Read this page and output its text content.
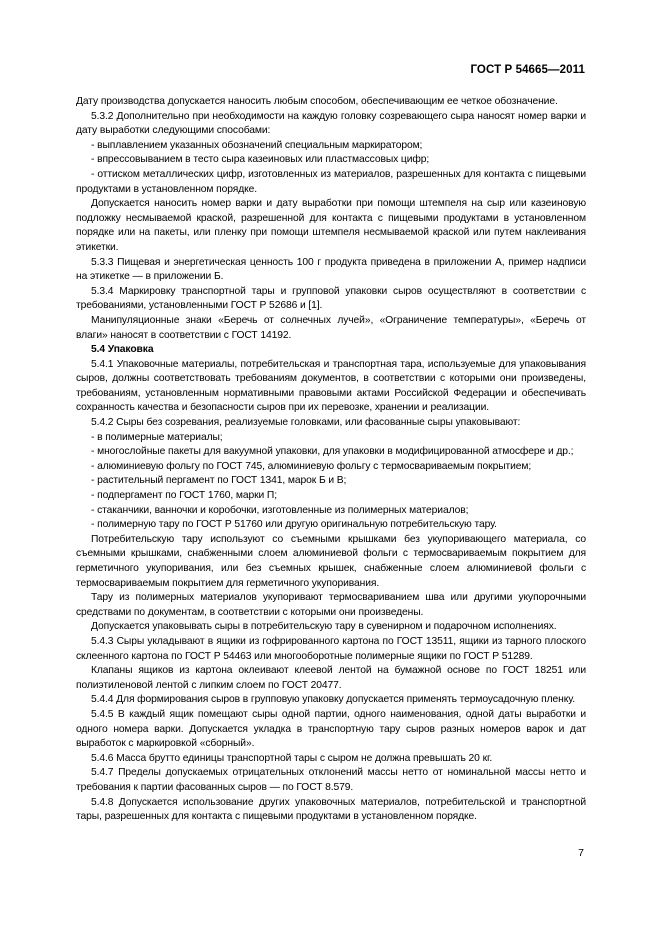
ГОСТ Р 54665—2011

Дату производства допускается наносить любым способом, обеспечивающим ее четкое обозначение.

5.3.2 Дополнительно при необходимости на каждую головку созревающего сыра наносят номер варки и дату выработки следующими способами:

- выплавлением указанных обозначений специальным маркиратором;

- впрессовыванием в тесто сыра казеиновых или пластмассовых цифр;

- оттиском металлических цифр, изготовленных из материалов, разрешенных для контакта с пищевыми продуктами в установленном порядке.

Допускается наносить номер варки и дату выработки при помощи штемпеля на сыр или казеиновую подложку несмываемой краской, разрешенной для контакта с пищевыми продуктами в установленном порядке или на пакеты, или пленку при помощи штемпеля несмываемой краской или путем наклеивания этикетки.

5.3.3 Пищевая и энергетическая ценность 100 г продукта приведена в приложении А, пример надписи на этикетке — в приложении Б.

5.3.4 Маркировку транспортной тары и групповой упаковки сыров осуществляют в соответствии с требованиями, установленными ГОСТ Р 52686 и [1].

Манипуляционные знаки «Беречь от солнечных лучей», «Ограничение температуры», «Беречь от влаги» наносят в соответствии с ГОСТ 14192.

5.4 Упаковка

5.4.1 Упаковочные материалы, потребительская и транспортная тара, используемые для упаковывания сыров, должны соответствовать требованиям документов, в соответствии с которыми они произведены, требованиям, установленным нормативными правовыми актами Российской Федерации и обеспечивать сохранность качества и безопасности сыров при их перевозке, хранении и реализации.

5.4.2 Сыры без созревания, реализуемые головками, или фасованные сыры упаковывают:

- в полимерные материалы;

- многослойные пакеты для вакуумной упаковки, для упаковки в модифицированной атмосфере и др.;

- алюминиевую фольгу по ГОСТ 745, алюминиевую фольгу с термосвариваемым покрытием;

- растительный пергамент по ГОСТ 1341, марок Б и В;

- подпергамент по ГОСТ 1760, марки П;

- стаканчики, ванночки и коробочки, изготовленные из полимерных материалов;

- полимерную тару по ГОСТ Р 51760 или другую оригинальную потребительскую тару.

Потребительскую тару используют со съемными крышками без укупоривающего материала, со съемными крышками, снабженными слоем алюминиевой фольги с термосвариваемым покрытием для герметичного укупоривания, или без съемных крышек, снабженные слоем алюминиевой фольги с термосвариваемым покрытием для герметичного укупоривания.

Тару из полимерных материалов укупоривают термосвариванием шва или другими укупорочными средствами по документам, в соответствии с которыми они произведены.

Допускается упаковывать сыры в потребительскую тару в сувенирном и подарочном исполнениях.

5.4.3 Сыры укладывают в ящики из гофрированного картона по ГОСТ 13511, ящики из тарного плоского склеенного картона по ГОСТ Р 54463 или многооборотные полимерные ящики по ГОСТ Р 51289.

Клапаны ящиков из картона оклеивают клеевой лентой на бумажной основе по ГОСТ 18251 или полиэтиленовой лентой с липким слоем по ГОСТ 20477.

5.4.4 Для формирования сыров в групповую упаковку допускается применять термоусадочную пленку.

5.4.5 В каждый ящик помещают сыры одной партии, одного наименования, одной даты выработки и одного номера варки. Допускается укладка в транспортную тару сыров разных номеров варок и дат выработок с маркировкой «сборный».

5.4.6 Масса брутто единицы транспортной тары с сыром не должна превышать 20 кг.

5.4.7 Пределы допускаемых отрицательных отклонений массы нетто от номинальной массы нетто и требования к партии фасованных сыров — по ГОСТ 8.579.

5.4.8 Допускается использование других упаковочных материалов, потребительской и транспортной тары, разрешенных для контакта с пищевыми продуктами в установленном порядке.

7
